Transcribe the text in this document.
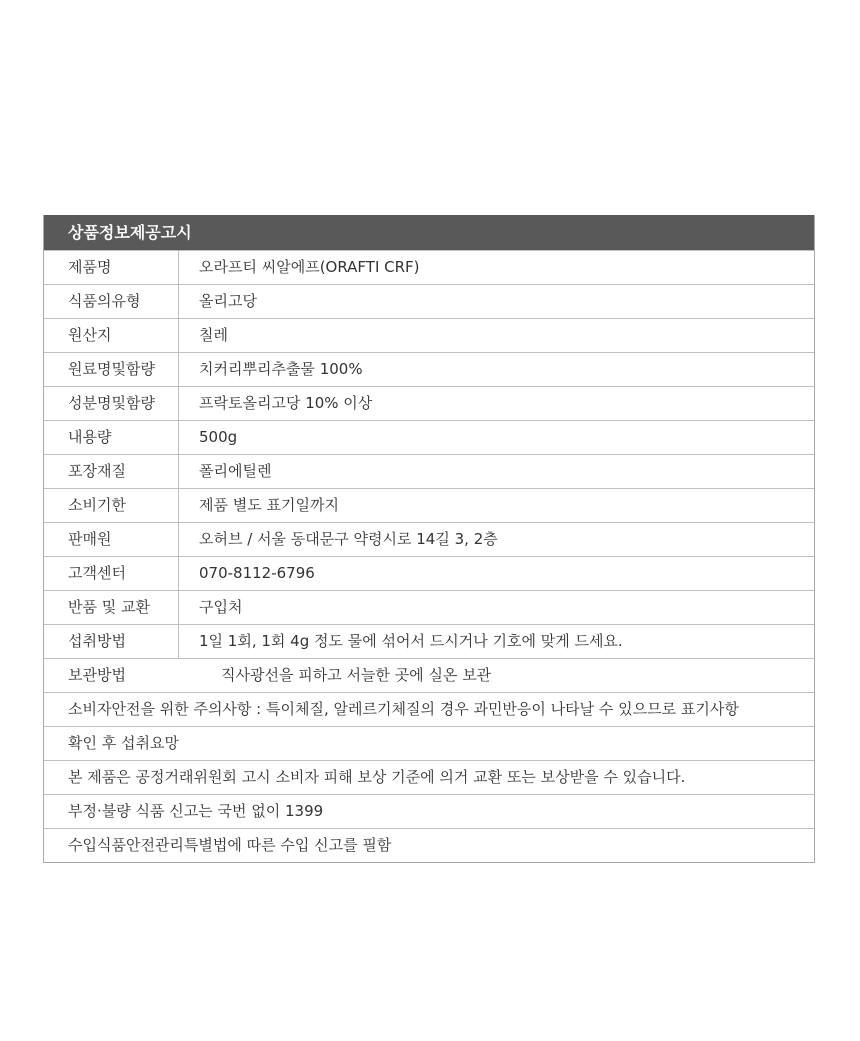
상품정보제공고시
제품명	오라프티 씨알에프(ORAFTI CRF)
식품의유형	올리고당
원산지	칠레
원료명및함량	치커리뿌리추출물 100%
성분명및함량	프락토올리고당 10% 이상
내용량	500g
포장재질	폴리에틸렌
소비기한	제품 별도 표기일까지
판매원	오허브 / 서울 동대문구 약령시로 14길 3, 2층
고객센터	070-8112-6796
반품 및 교환	구입처
섭취방법	1일 1회, 1회 4g 정도 물에 섞어서 드시거나 기호에 맞게 드세요.
보관방법	직사광선을 피하고 서늘한 곳에 실온 보관
소비자안전을 위한 주의사항 : 특이체질, 알레르기체질의 경우 과민반응이 나타날 수 있으므로 표기사항
확인 후 섭취요망
본 제품은 공정거래위원회 고시 소비자 피해 보상 기준에 의거 교환 또는 보상받을 수 있습니다.
부정·불량 식품 신고는 국번 없이 1399
수입식품안전관리특별법에 따른 수입 신고를 필함
